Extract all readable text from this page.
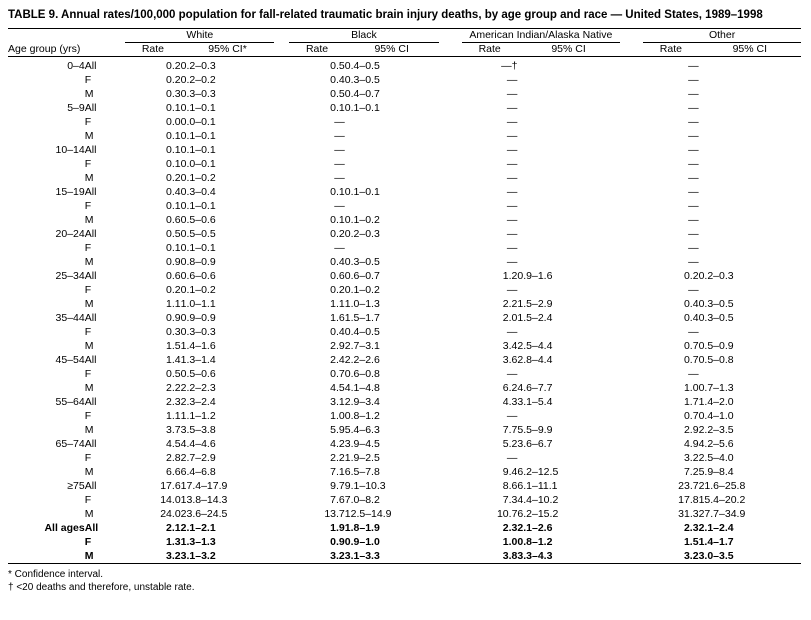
TABLE 9. Annual rates/100,000 population for fall-related traumatic brain injury deaths, by age group and race — United States, 1989–1998
		White			Black			American Indian/Alaska Native			Other	
Age group (yrs)		Rate	95% CI*		Rate	95% CI		Rate	95% CI		Rate	95% CI

0–4	All	0.2	0.2–0.3		0.5	0.4–0.5		—†			—	
	F	0.2	0.2–0.2		0.4	0.3–0.5		—			—	
	M	0.3	0.3–0.3		0.5	0.4–0.7		—			—	
5–9	All	0.1	0.1–0.1		0.1	0.1–0.1		—			—	
	F	0.0	0.0–0.1		—			—			—	
	M	0.1	0.1–0.1		—			—			—	
10–14	All	0.1	0.1–0.1		—			—			—	
	F	0.1	0.0–0.1		—			—			—	
	M	0.2	0.1–0.2		—			—			—	
15–19	All	0.4	0.3–0.4		0.1	0.1–0.1		—			—	
	F	0.1	0.1–0.1		—			—			—	
	M	0.6	0.5–0.6		0.1	0.1–0.2		—			—	
20–24	All	0.5	0.5–0.5		0.2	0.2–0.3		—			—	
	F	0.1	0.1–0.1		—			—			—	
	M	0.9	0.8–0.9		0.4	0.3–0.5		—			—	
25–34	All	0.6	0.6–0.6		0.6	0.6–0.7		1.2	0.9–1.6		0.2	0.2–0.3
	F	0.2	0.1–0.2		0.2	0.1–0.2		—			—	
	M	1.1	1.0–1.1		1.1	1.0–1.3		2.2	1.5–2.9		0.4	0.3–0.5
35–44	All	0.9	0.9–0.9		1.6	1.5–1.7		2.0	1.5–2.4		0.4	0.3–0.5
	F	0.3	0.3–0.3		0.4	0.4–0.5		—			—	
	M	1.5	1.4–1.6		2.9	2.7–3.1		3.4	2.5–4.4		0.7	0.5–0.9
45–54	All	1.4	1.3–1.4		2.4	2.2–2.6		3.6	2.8–4.4		0.7	0.5–0.8
	F	0.5	0.5–0.6		0.7	0.6–0.8		—			—	
	M	2.2	2.2–2.3		4.5	4.1–4.8		6.2	4.6–7.7		1.0	0.7–1.3
55–64	All	2.3	2.3–2.4		3.1	2.9–3.4		4.3	3.1–5.4		1.7	1.4–2.0
	F	1.1	1.1–1.2		1.0	0.8–1.2		—			0.7	0.4–1.0
	M	3.7	3.5–3.8		5.9	5.4–6.3		7.7	5.5–9.9		2.9	2.2–3.5
65–74	All	4.5	4.4–4.6		4.2	3.9–4.5		5.2	3.6–6.7		4.9	4.2–5.6
	F	2.8	2.7–2.9		2.2	1.9–2.5		—			3.2	2.5–4.0
	M	6.6	6.4–6.8		7.1	6.5–7.8		9.4	6.2–12.5		7.2	5.9–8.4
≥75	All	17.6	17.4–17.9		9.7	9.1–10.3		8.6	6.1–11.1		23.7	21.6–25.8
	F	14.0	13.8–14.3		7.6	7.0–8.2		7.3	4.4–10.2		17.8	15.4–20.2
	M	24.0	23.6–24.5		13.7	12.5–14.9		10.7	6.2–15.2		31.3	27.7–34.9
All ages	All	2.1	2.1–2.1		1.9	1.8–1.9		2.3	2.1–2.6		2.3	2.1–2.4
	F	1.3	1.3–1.3		0.9	0.9–1.0		1.0	0.8–1.2		1.5	1.4–1.7
	M	3.2	3.1–3.2		3.2	3.1–3.3		3.8	3.3–4.3		3.2	3.0–3.5

* Confidence interval.
† <20 deaths and therefore, unstable rate.
